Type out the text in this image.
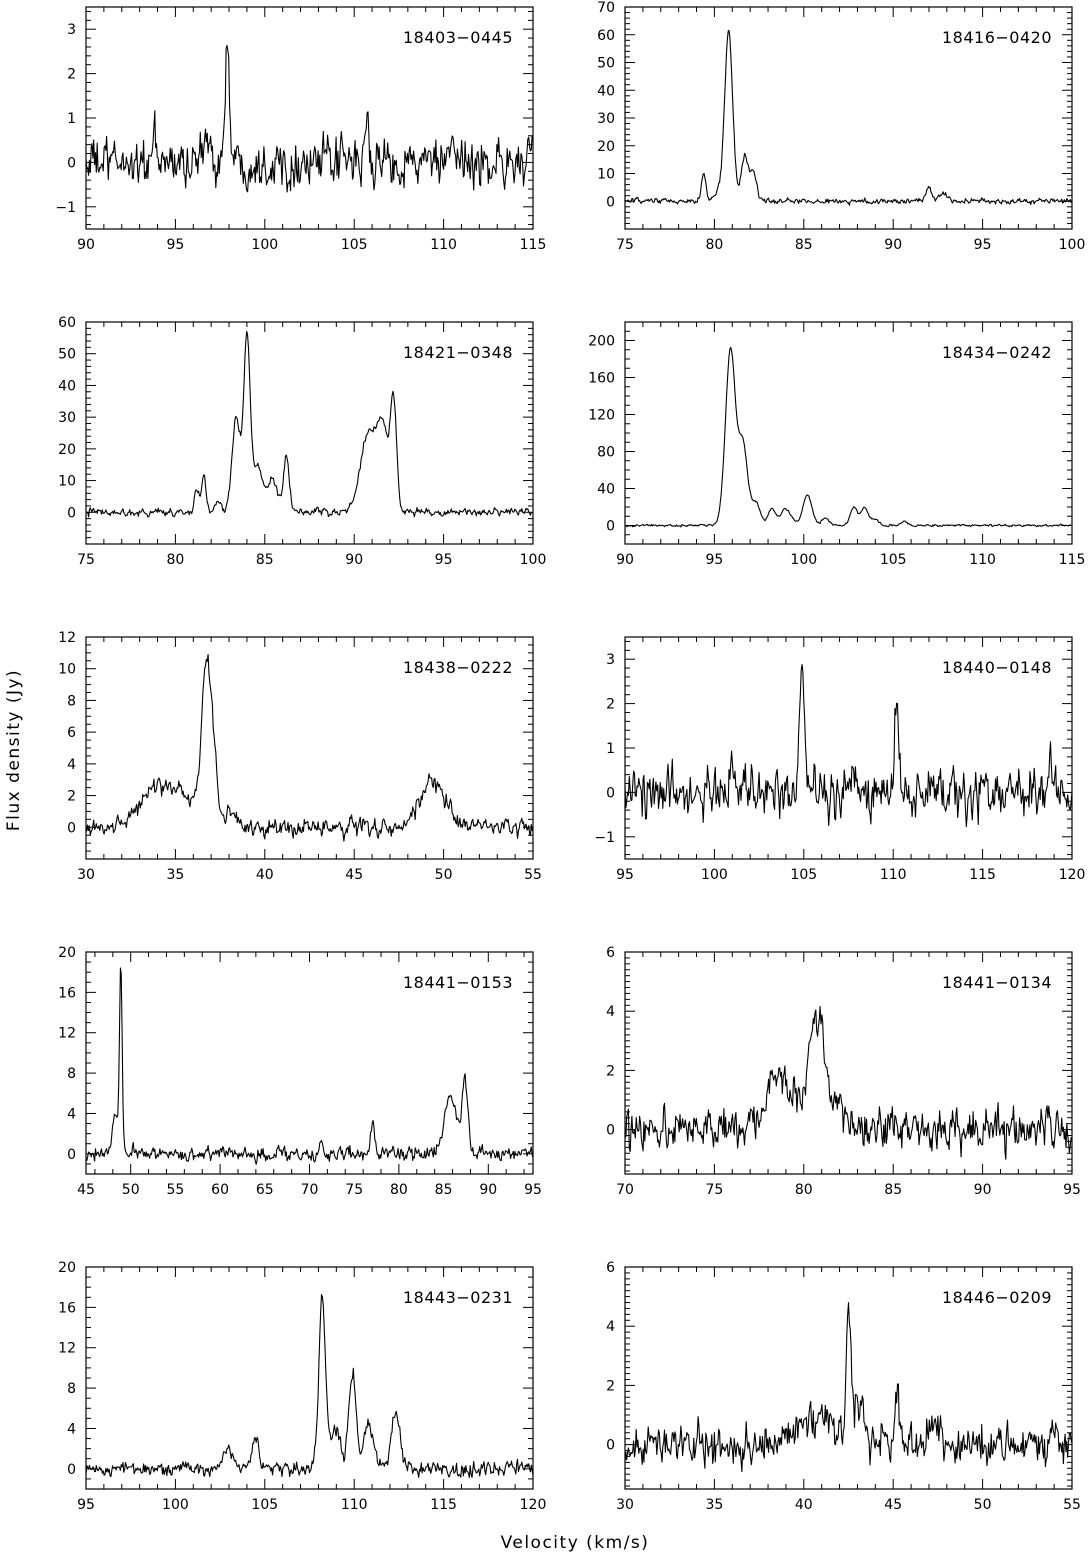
90	95	100	105	110	115
−1
0
1
2
3	18403−0445
75	80	85	90	95	100
0
10
20
30
40
50
60
70
18416−0420
75	80	85	90	95	100
0
10
20
30
40
50
60
18421−0348
90	95	100	105	110	115
0
40
80
120
160
200
18434−0242
30	35	40	45	50	55
0
2
4
6
8
10
12
18438−0222
95	100	105	110	115	120
−1
0
1
2
3	18440−0148
45 50 55 60 65 70 75 80 85 90 95
0
4
8
12
16
20
18441−0153
70	75	80	85	90	95
0
2
4
6
18441−0134
95	100	105	110	115	120
0
4
8
12
16
20
18443−0231
30	35	40	45	50	55
0
2
4
6
18446−0209
Flux density (Jy)
Velocity (km/s)
